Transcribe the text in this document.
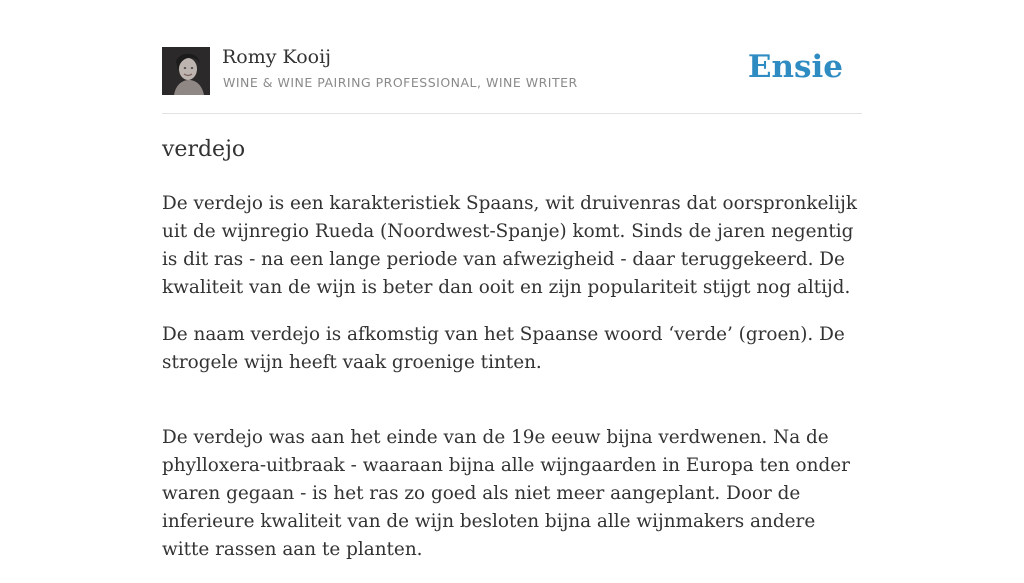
Romy Kooij
WINE & WINE PAIRING PROFESSIONAL, WINE WRITER	Ensie
verdejo

De verdejo is een karakteristiek Spaans, wit druivenras dat oorspronkelijk uit de wijnregio Rueda (Noordwest-Spanje) komt. Sinds de jaren negentig is dit ras - na een lange periode van afwezigheid - daar teruggekeerd. De kwaliteit van de wijn is beter dan ooit en zijn populariteit stijgt nog altijd.

De naam verdejo is afkomstig van het Spaanse woord ‘verde’ (groen). De strogele wijn heeft vaak groenige tinten.

De verdejo was aan het einde van de 19e eeuw bijna verdwenen. Na de phylloxera-uitbraak - waaraan bijna alle wijngaarden in Europa ten onder waren gegaan - is het ras zo goed als niet meer aangeplant. Door de inferieure kwaliteit van de wijn besloten bijna alle wijnmakers andere witte rassen aan te planten.
